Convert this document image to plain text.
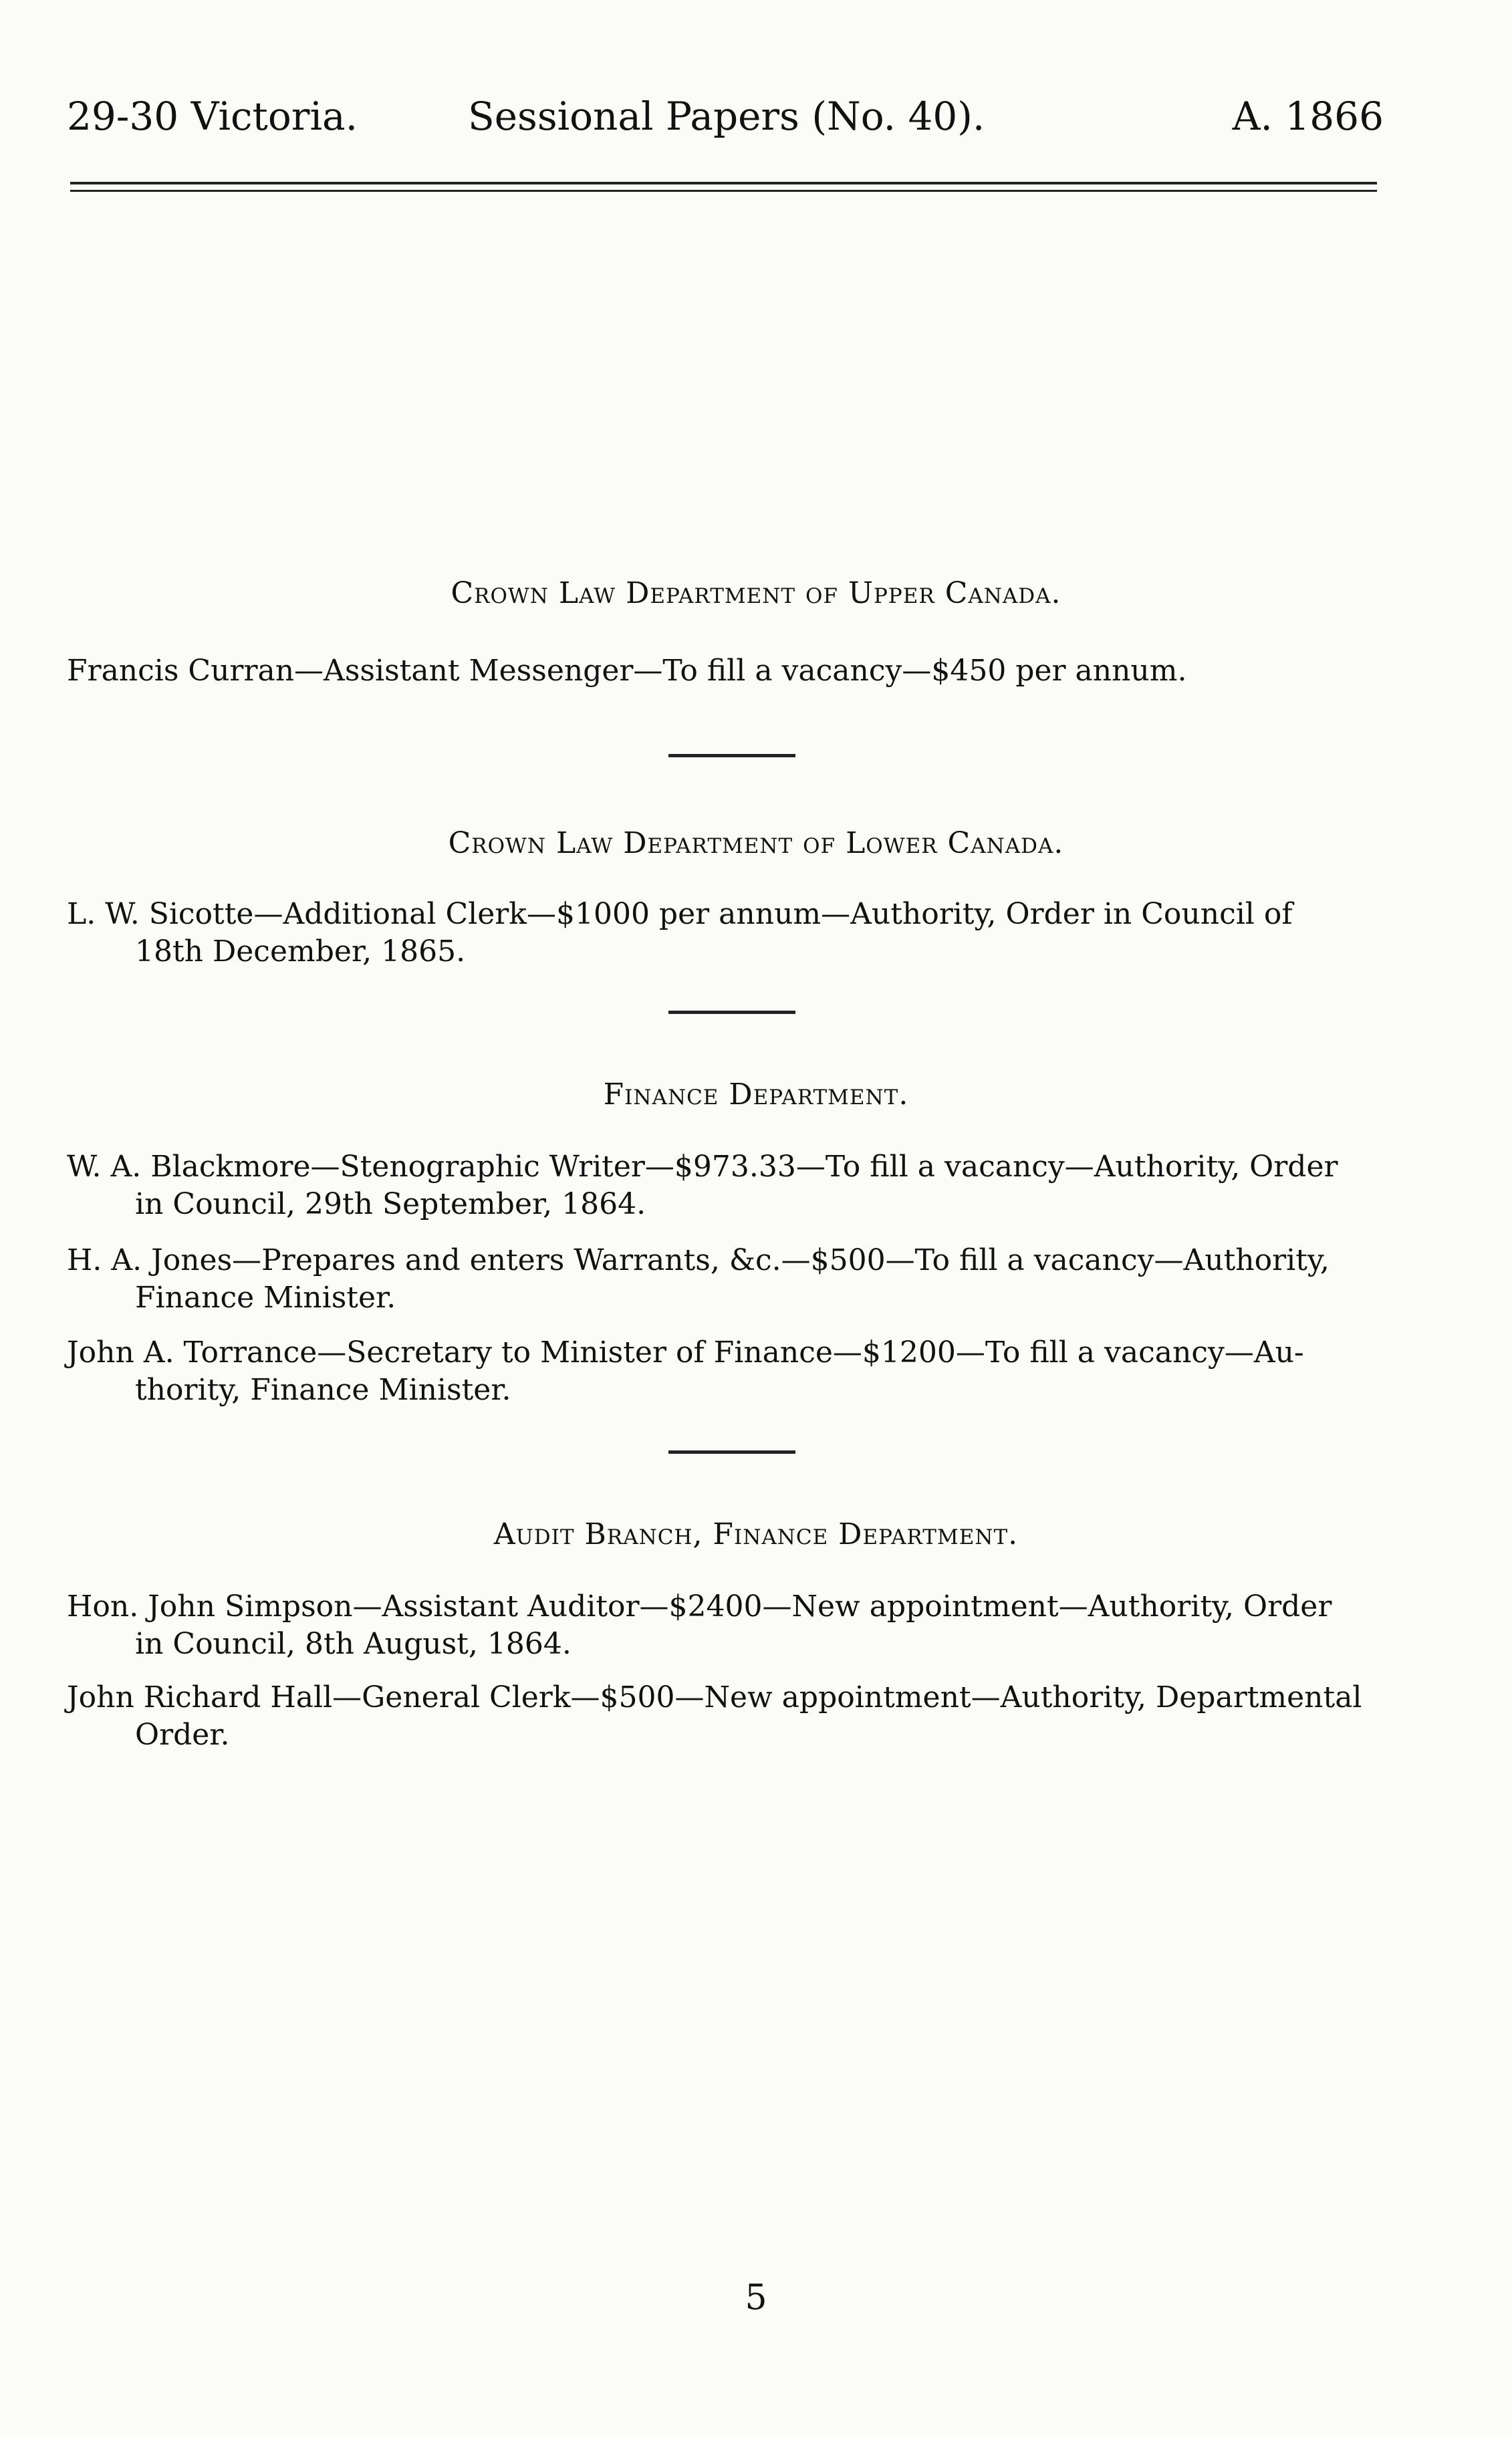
29-30 Victoria.	Sessional Papers (No. 40).	A. 1866
Crown Law Department of Upper Canada.
Francis Curran—Assistant Messenger—To fill a vacancy—$450 per annum.
Crown Law Department of Lower Canada.
L. W. Sicotte—Additional Clerk—$1000 per annum—Authority, Order in Council of
18th December, 1865.
Finance Department.
W. A. Blackmore—Stenographic Writer—$973.33—To fill a vacancy—Authority, Order
in Council, 29th September, 1864.
H. A. Jones—Prepares and enters Warrants, &c.—$500—To fill a vacancy—Authority,
Finance Minister.
John A. Torrance—Secretary to Minister of Finance—$1200—To fill a vacancy—Au-
thority, Finance Minister.
Audit Branch, Finance Department.
Hon. John Simpson—Assistant Auditor—$2400—New appointment—Authority, Order
in Council, 8th August, 1864.
John Richard Hall—General Clerk—$500—New appointment—Authority, Departmental
Order.
5
